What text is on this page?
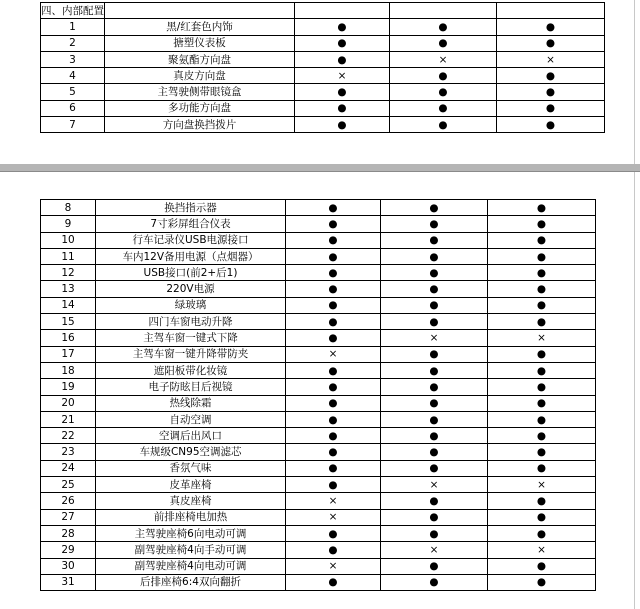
四、内部配置				
1	黑/红套色内饰	●	●	●
2	搪塑仪表板	●	●	●
3	聚氨酯方向盘	●	×	×
4	真皮方向盘	×	●	●
5	主驾驶侧带眼镜盒	●	●	●
6	多功能方向盘	●	●	●
7	方向盘换挡拨片	●	●	●
8	换挡指示器	●	●	●
9	7寸彩屏组合仪表	●	●	●
10	行车记录仪USB电源接口	●	●	●
11	车内12V备用电源（点烟器）	●	●	●
12	USB接口(前2+后1)	●	●	●
13	220V电源	●	●	●
14	绿玻璃	●	●	●
15	四门车窗电动升降	●	●	●
16	主驾车窗一键式下降	●	×	×
17	主驾车窗一键升降带防夹	×	●	●
18	遮阳板带化妆镜	●	●	●
19	电子防眩目后视镜	●	●	●
20	热线除霜	●	●	●
21	自动空调	●	●	●
22	空调后出风口	●	●	●
23	车规级CN95空调滤芯	●	●	●
24	香氛气味	●	●	●
25	皮革座椅	●	×	×
26	真皮座椅	×	●	●
27	前排座椅电加热	×	●	●
28	主驾驶座椅6向电动可调	●	●	●
29	副驾驶座椅4向手动可调	●	×	×
30	副驾驶座椅4向电动可调	×	●	●
31	后排座椅6:4双向翻折	●	●	●
